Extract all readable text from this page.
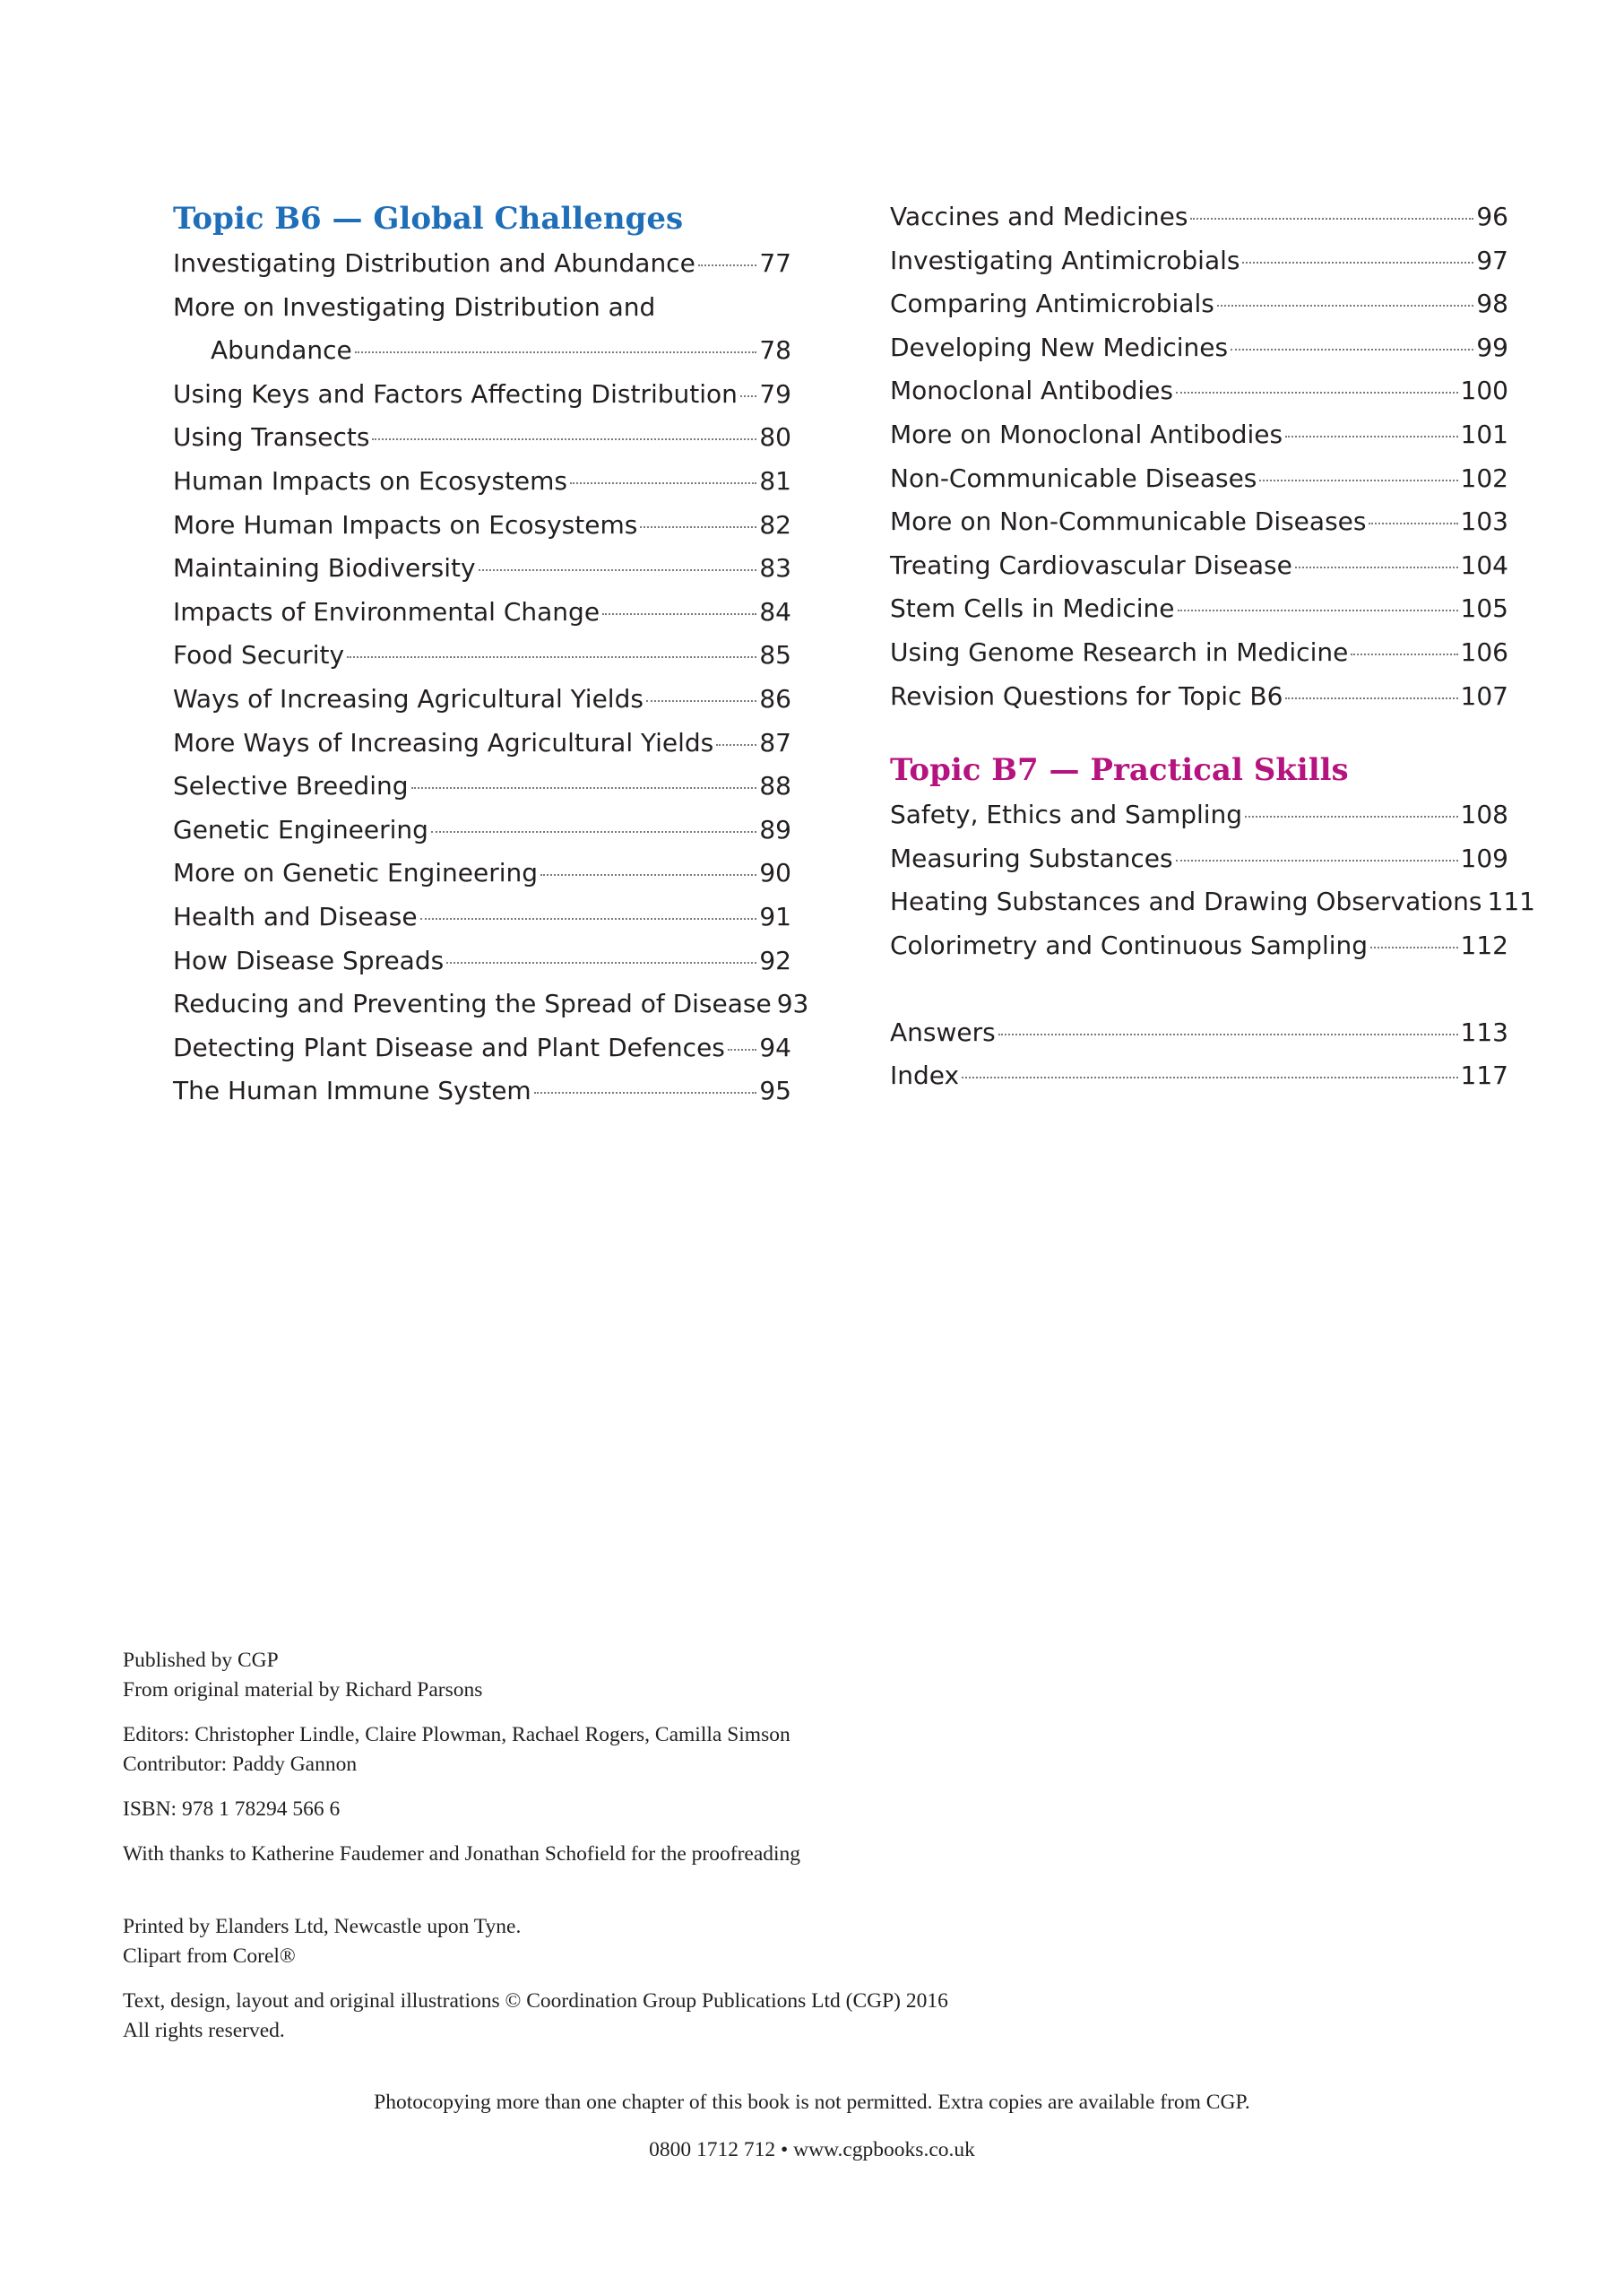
Topic B6 — Global Challenges
Investigating Distribution and Abundance	77
More on Investigating Distribution and
Abundance	78
Using Keys and Factors Affecting Distribution 79
Using Transects	80
Human Impacts on Ecosystems	81
More Human Impacts on Ecosystems	82
Maintaining Biodiversity	83
Impacts of Environmental Change	84
Food Security	85
Ways of Increasing Agricultural Yields	86
More Ways of Increasing Agricultural Yields 87
Selective Breeding	88
Genetic Engineering	89
More on Genetic Engineering	90
Health and Disease	91
How Disease Spreads	92
Reducing and Preventing the Spread of Disease 93
Detecting Plant Disease and Plant Defences 94
The Human Immune System	95
Vaccines and Medicines	96
Investigating Antimicrobials	97
Comparing Antimicrobials	98
Developing New Medicines	99
Monoclonal Antibodies	100
More on Monoclonal Antibodies	101
Non-Communicable Diseases	102
More on Non-Communicable Diseases	103
Treating Cardiovascular Disease	104
Stem Cells in Medicine	105
Using Genome Research in Medicine	106
Revision Questions for Topic B6	107
Topic B7 — Practical Skills
Safety, Ethics and Sampling	108
Measuring Substances	109
Heating Substances and Drawing Observations 111
Colorimetry and Continuous Sampling	112
Answers	113
Index	117

Published by CGP

From original material by Richard Parsons

Editors: Christopher Lindle, Claire Plowman, Rachael Rogers, Camilla Simson

Contributor: Paddy Gannon

ISBN: 978 1 78294 566 6

With thanks to Katherine Faudemer and Jonathan Schofield for the proofreading

Printed by Elanders Ltd, Newcastle upon Tyne.

Clipart from Corel®

Text, design, layout and original illustrations © Coordination Group Publications Ltd (CGP) 2016

All rights reserved.

Photocopying more than one chapter of this book is not permitted. Extra copies are available from CGP.
0800 1712 712 • www.cgpbooks.co.uk
